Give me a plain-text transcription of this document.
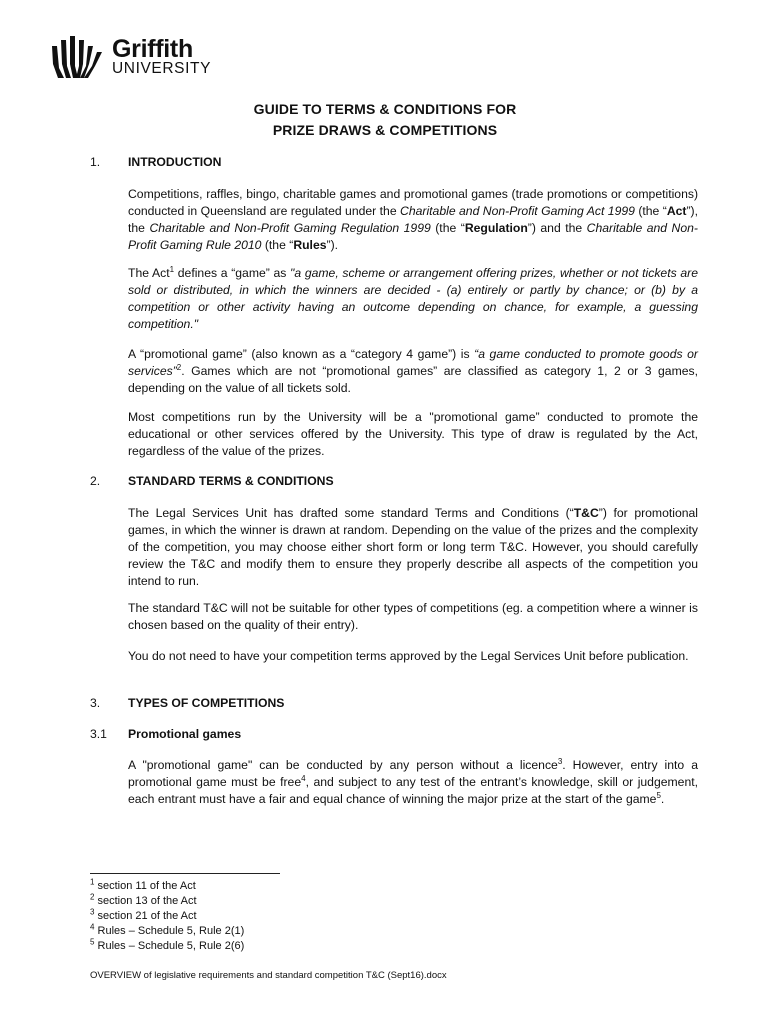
Griffith
UNIVERSITY
GUIDE TO TERMS & CONDITIONS FOR
PRIZE DRAWS & COMPETITIONS
1. INTRODUCTION
Competitions, raffles, bingo, charitable games and promotional games (trade promotions or competitions) conducted in Queensland are regulated under the Charitable and Non-Profit Gaming Act 1999 (the “Act”), the Charitable and Non-Profit Gaming Regulation 1999 (the “Regulation”) and the Charitable and Non-Profit Gaming Rule 2010 (the “Rules”).
The Act$^1$ defines a “game” as "a game, scheme or arrangement offering prizes, whether or not tickets are sold or distributed, in which the winners are decided - (a) entirely or partly by chance; or (b) by a competition or other activity having an outcome depending on chance, for example, a guessing competition."
A “promotional game” (also known as a “category 4 game”) is “a game conducted to promote goods or services”$^2$. Games which are not “promotional games” are classified as category 1, 2 or 3 games, depending on the value of all tickets sold.
Most competitions run by the University will be a "promotional game” conducted to promote the educational or other services offered by the University. This type of draw is regulated by the Act, regardless of the value of the prizes.
2. STANDARD TERMS & CONDITIONS
The Legal Services Unit has drafted some standard Terms and Conditions (“T&C”) for promotional games, in which the winner is drawn at random. Depending on the value of the prizes and the complexity of the competition, you may choose either short form or long term T&C. However, you should carefully review the T&C and modify them to ensure they properly describe all aspects of the competition you intend to run.
The standard T&C will not be suitable for other types of competitions (eg. a competition where a winner is chosen based on the quality of their entry).
You do not need to have your competition terms approved by the Legal Services Unit before publication.
3. TYPES OF COMPETITIONS
3.1 Promotional games
A "promotional game" can be conducted by any person without a licence$^3$. However, entry into a promotional game must be free$^4$, and subject to any test of the entrant’s knowledge, skill or judgement, each entrant must have a fair and equal chance of winning the major prize at the start of the game$^5$.
$^1$ section 11 of the Act
$^2$ section 13 of the Act
$^3$ section 21 of the Act
$^4$ Rules – Schedule 5, Rule 2(1)
$^5$ Rules – Schedule 5, Rule 2(6)
OVERVIEW of legislative requirements and standard competition T&C (Sept16).docx
